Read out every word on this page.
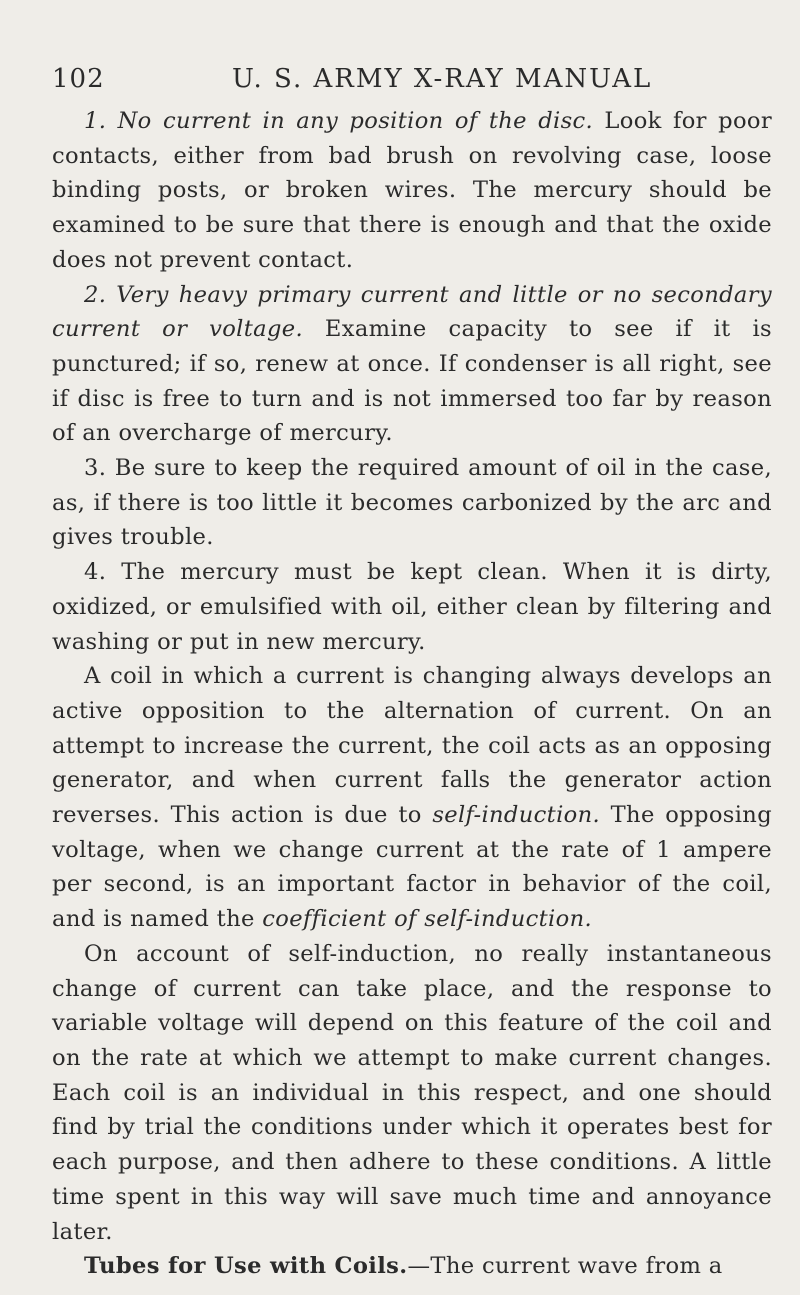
102	U. S. ARMY X-RAY MANUAL

1. No current in any position of the disc. Look for poor contacts, either from bad brush on revolving case, loose binding posts, or broken wires. The mercury should be examined to be sure that there is enough and that the oxide does not prevent contact.

2. Very heavy primary current and little or no secondary current or voltage. Examine capacity to see if it is punctured; if so, renew at once. If condenser is all right, see if disc is free to turn and is not immersed too far by reason of an overcharge of mercury.

3. Be sure to keep the required amount of oil in the case, as, if there is too little it becomes carbonized by the arc and gives trouble.

4. The mercury must be kept clean. When it is dirty, oxidized, or emulsified with oil, either clean by filtering and washing or put in new mercury.

A coil in which a current is changing always develops an active opposition to the alternation of current. On an attempt to increase the current, the coil acts as an opposing generator, and when current falls the generator action reverses. This action is due to self-induction. The opposing voltage, when we change current at the rate of 1 ampere per second, is an important factor in behavior of the coil, and is named the coefficient of self-induction.

On account of self-induction, no really instantaneous change of current can take place, and the response to variable voltage will depend on this feature of the coil and on the rate at which we attempt to make current changes. Each coil is an individual in this respect, and one should find by trial the conditions under which it operates best for each purpose, and then adhere to these conditions. A little time spent in this way will save much time and annoyance later.

Tubes for Use with Coils.—The current wave from a
